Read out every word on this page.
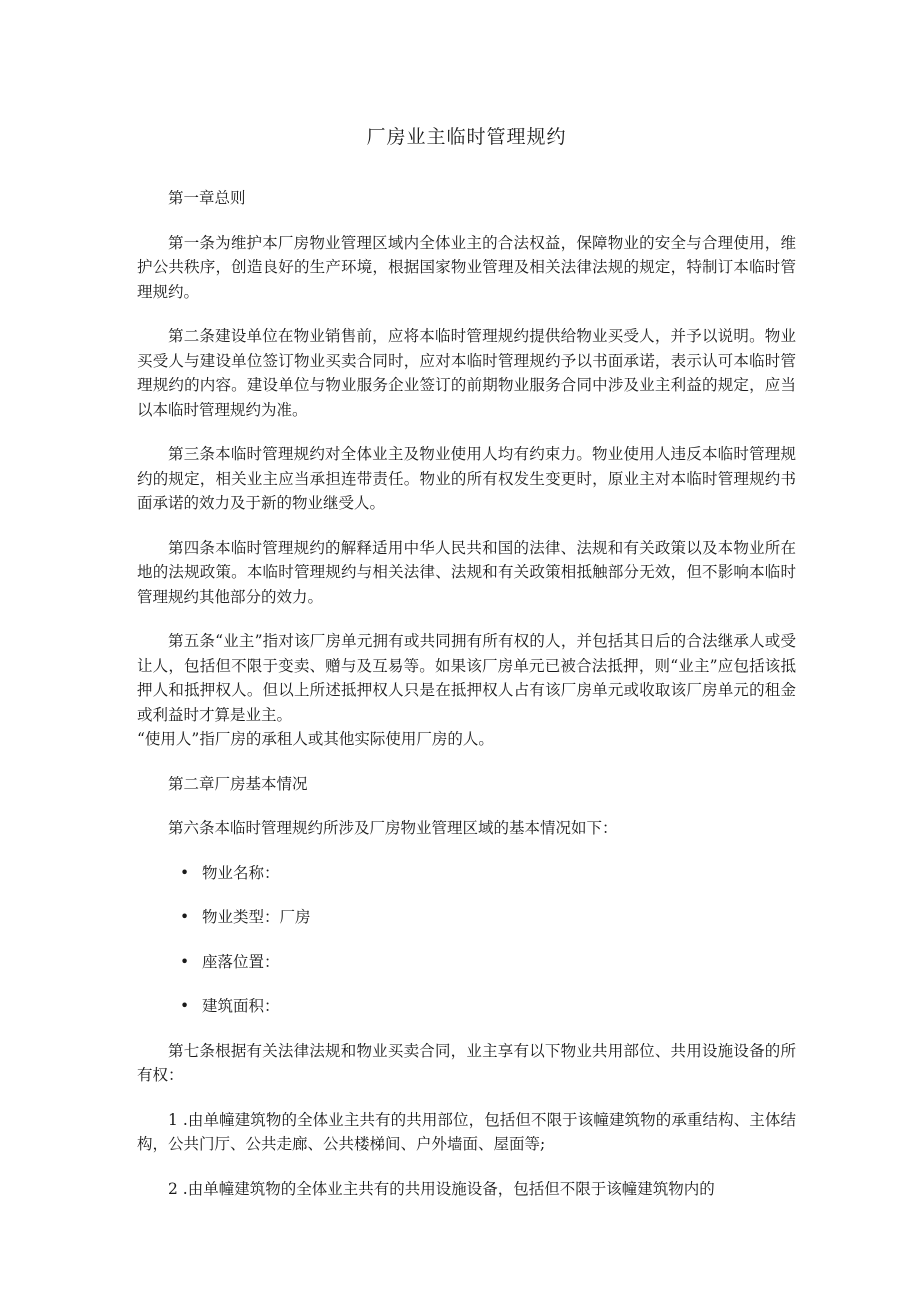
厂房业主临时管理规约
第一章总则

第一条为维护本厂房物业管理区域内全体业主的合法权益，保障物业的安全与合理使用，维护公共秩序，创造良好的生产环境，根据国家物业管理及相关法律法规的规定，特制订本临时管理规约。

第二条建设单位在物业销售前，应将本临时管理规约提供给物业买受人，并予以说明。物业买受人与建设单位签订物业买卖合同时，应对本临时管理规约予以书面承诺，表示认可本临时管理规约的内容。建设单位与物业服务企业签订的前期物业服务合同中涉及业主利益的规定，应当以本临时管理规约为准。

第三条本临时管理规约对全体业主及物业使用人均有约束力。物业使用人违反本临时管理规约的规定，相关业主应当承担连带责任。物业的所有权发生变更时，原业主对本临时管理规约书面承诺的效力及于新的物业继受人。

第四条本临时管理规约的解释适用中华人民共和国的法律、法规和有关政策以及本物业所在地的法规政策。本临时管理规约与相关法律、法规和有关政策相抵触部分无效，但不影响本临时管理规约其他部分的效力。

第五条“业主”指对该厂房单元拥有或共同拥有所有权的人，并包括其日后的合法继承人或受让人，包括但不限于变卖、赠与及互易等。如果该厂房单元已被合法抵押，则“业主”应包括该抵押人和抵押权人。但以上所述抵押权人只是在抵押权人占有该厂房单元或收取该厂房单元的租金或利益时才算是业主。

“使用人”指厂房的承租人或其他实际使用厂房的人。

第二章厂房基本情况

第六条本临时管理规约所涉及厂房物业管理区域的基本情况如下：

• 物业名称：
• 物业类型：厂房
• 座落位置：
• 建筑面积：

第七条根据有关法律法规和物业买卖合同，业主享有以下物业共用部位、共用设施设备的所有权：

1 .由单幢建筑物的全体业主共有的共用部位，包括但不限于该幢建筑物的承重结构、主体结构，公共门厅、公共走廊、公共楼梯间、户外墙面、屋面等;

2 .由单幢建筑物的全体业主共有的共用设施设备，包括但不限于该幢建筑物内的
